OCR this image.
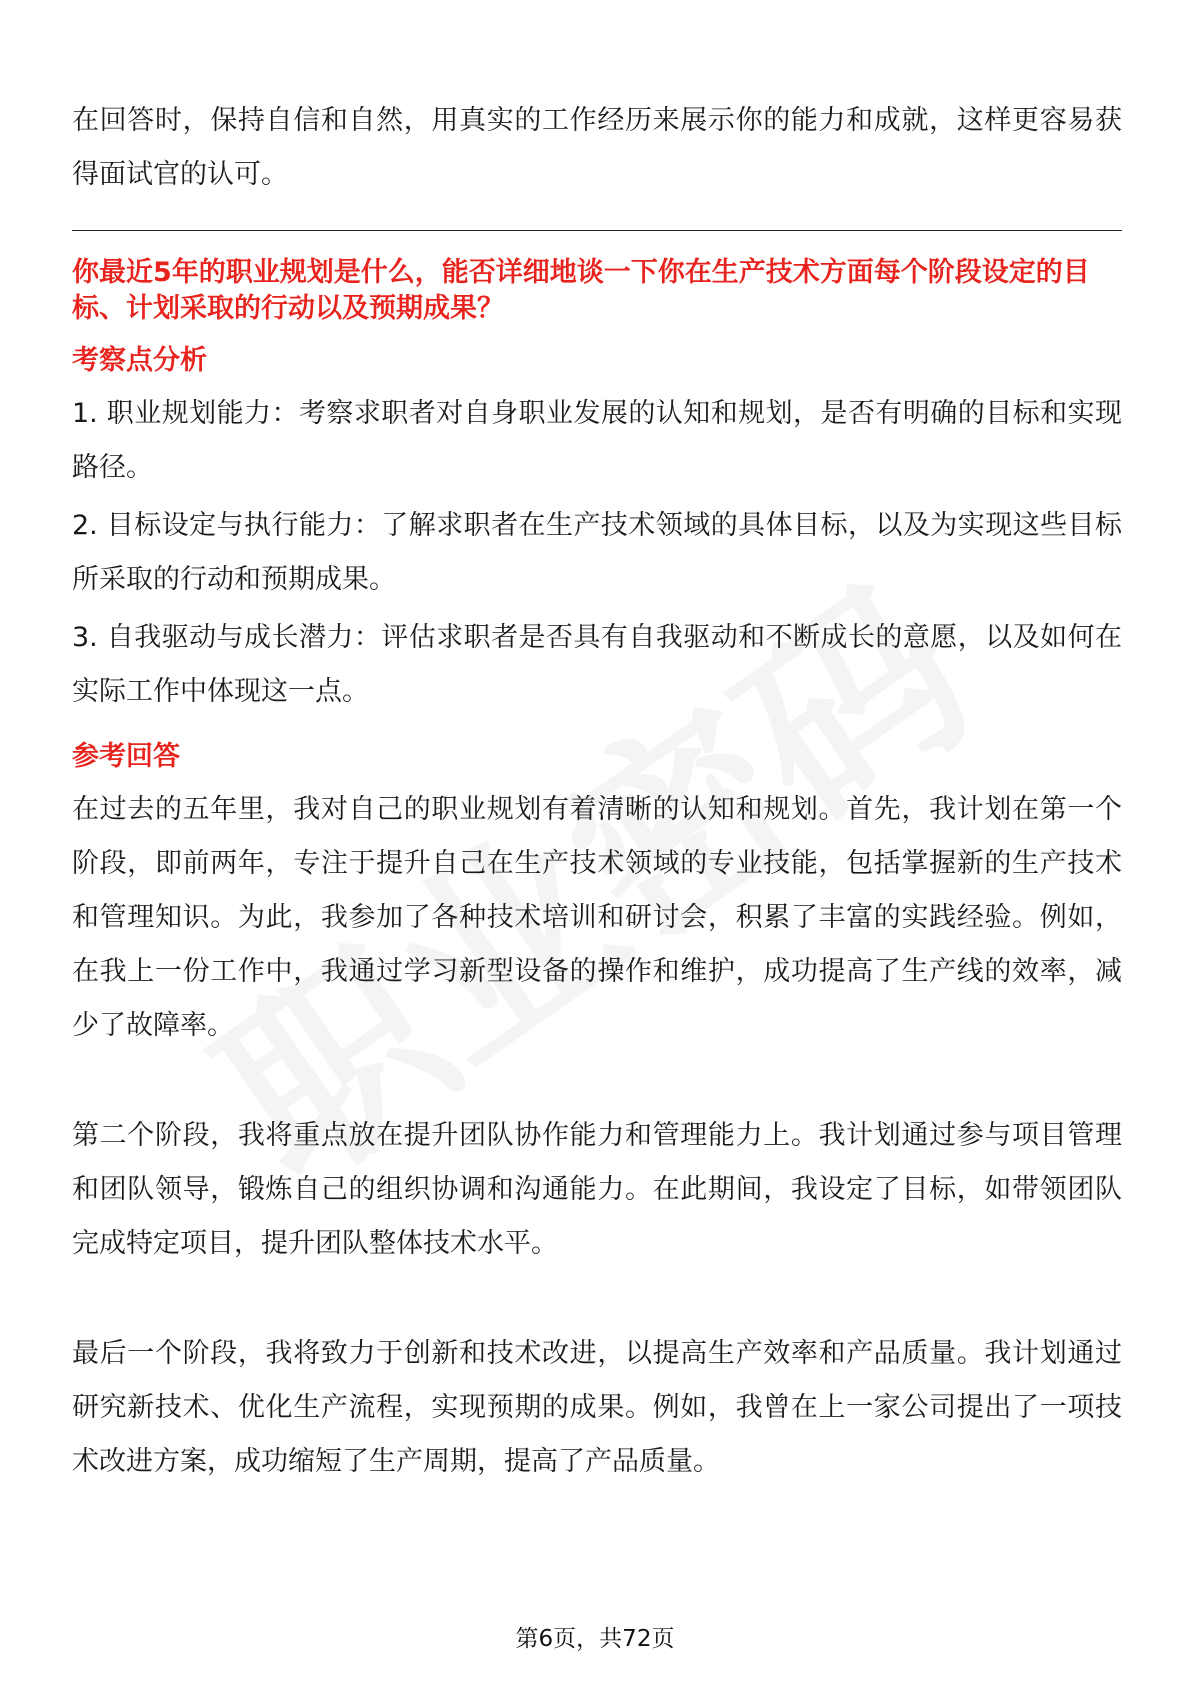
在回答时，保持自信和自然，用真实的工作经历来展示你的能力和成就，这样更容易获得面试官的认可。

你最近5年的职业规划是什么，能否详细地谈一下你在生产技术方面每个阶段设定的目标、计划采取的行动以及预期成果？

考察点分析

1. 职业规划能力：考察求职者对自身职业发展的认知和规划，是否有明确的目标和实现路径。

2. 目标设定与执行能力：了解求职者在生产技术领域的具体目标，以及为实现这些目标所采取的行动和预期成果。

3. 自我驱动与成长潜力：评估求职者是否具有自我驱动和不断成长的意愿，以及如何在实际工作中体现这一点。

参考回答

在过去的五年里，我对自己的职业规划有着清晰的认知和规划。首先，我计划在第一个阶段，即前两年，专注于提升自己在生产技术领域的专业技能，包括掌握新的生产技术和管理知识。为此，我参加了各种技术培训和研讨会，积累了丰富的实践经验。例如，在我上一份工作中，我通过学习新型设备的操作和维护，成功提高了生产线的效率，减少了故障率。

第二个阶段，我将重点放在提升团队协作能力和管理能力上。我计划通过参与项目管理和团队领导，锻炼自己的组织协调和沟通能力。在此期间，我设定了目标，如带领团队完成特定项目，提升团队整体技术水平。

最后一个阶段，我将致力于创新和技术改进，以提高生产效率和产品质量。我计划通过研究新技术、优化生产流程，实现预期的成果。例如，我曾在上一家公司提出了一项技术改进方案，成功缩短了生产周期，提高了产品质量。

第6页，共72页
